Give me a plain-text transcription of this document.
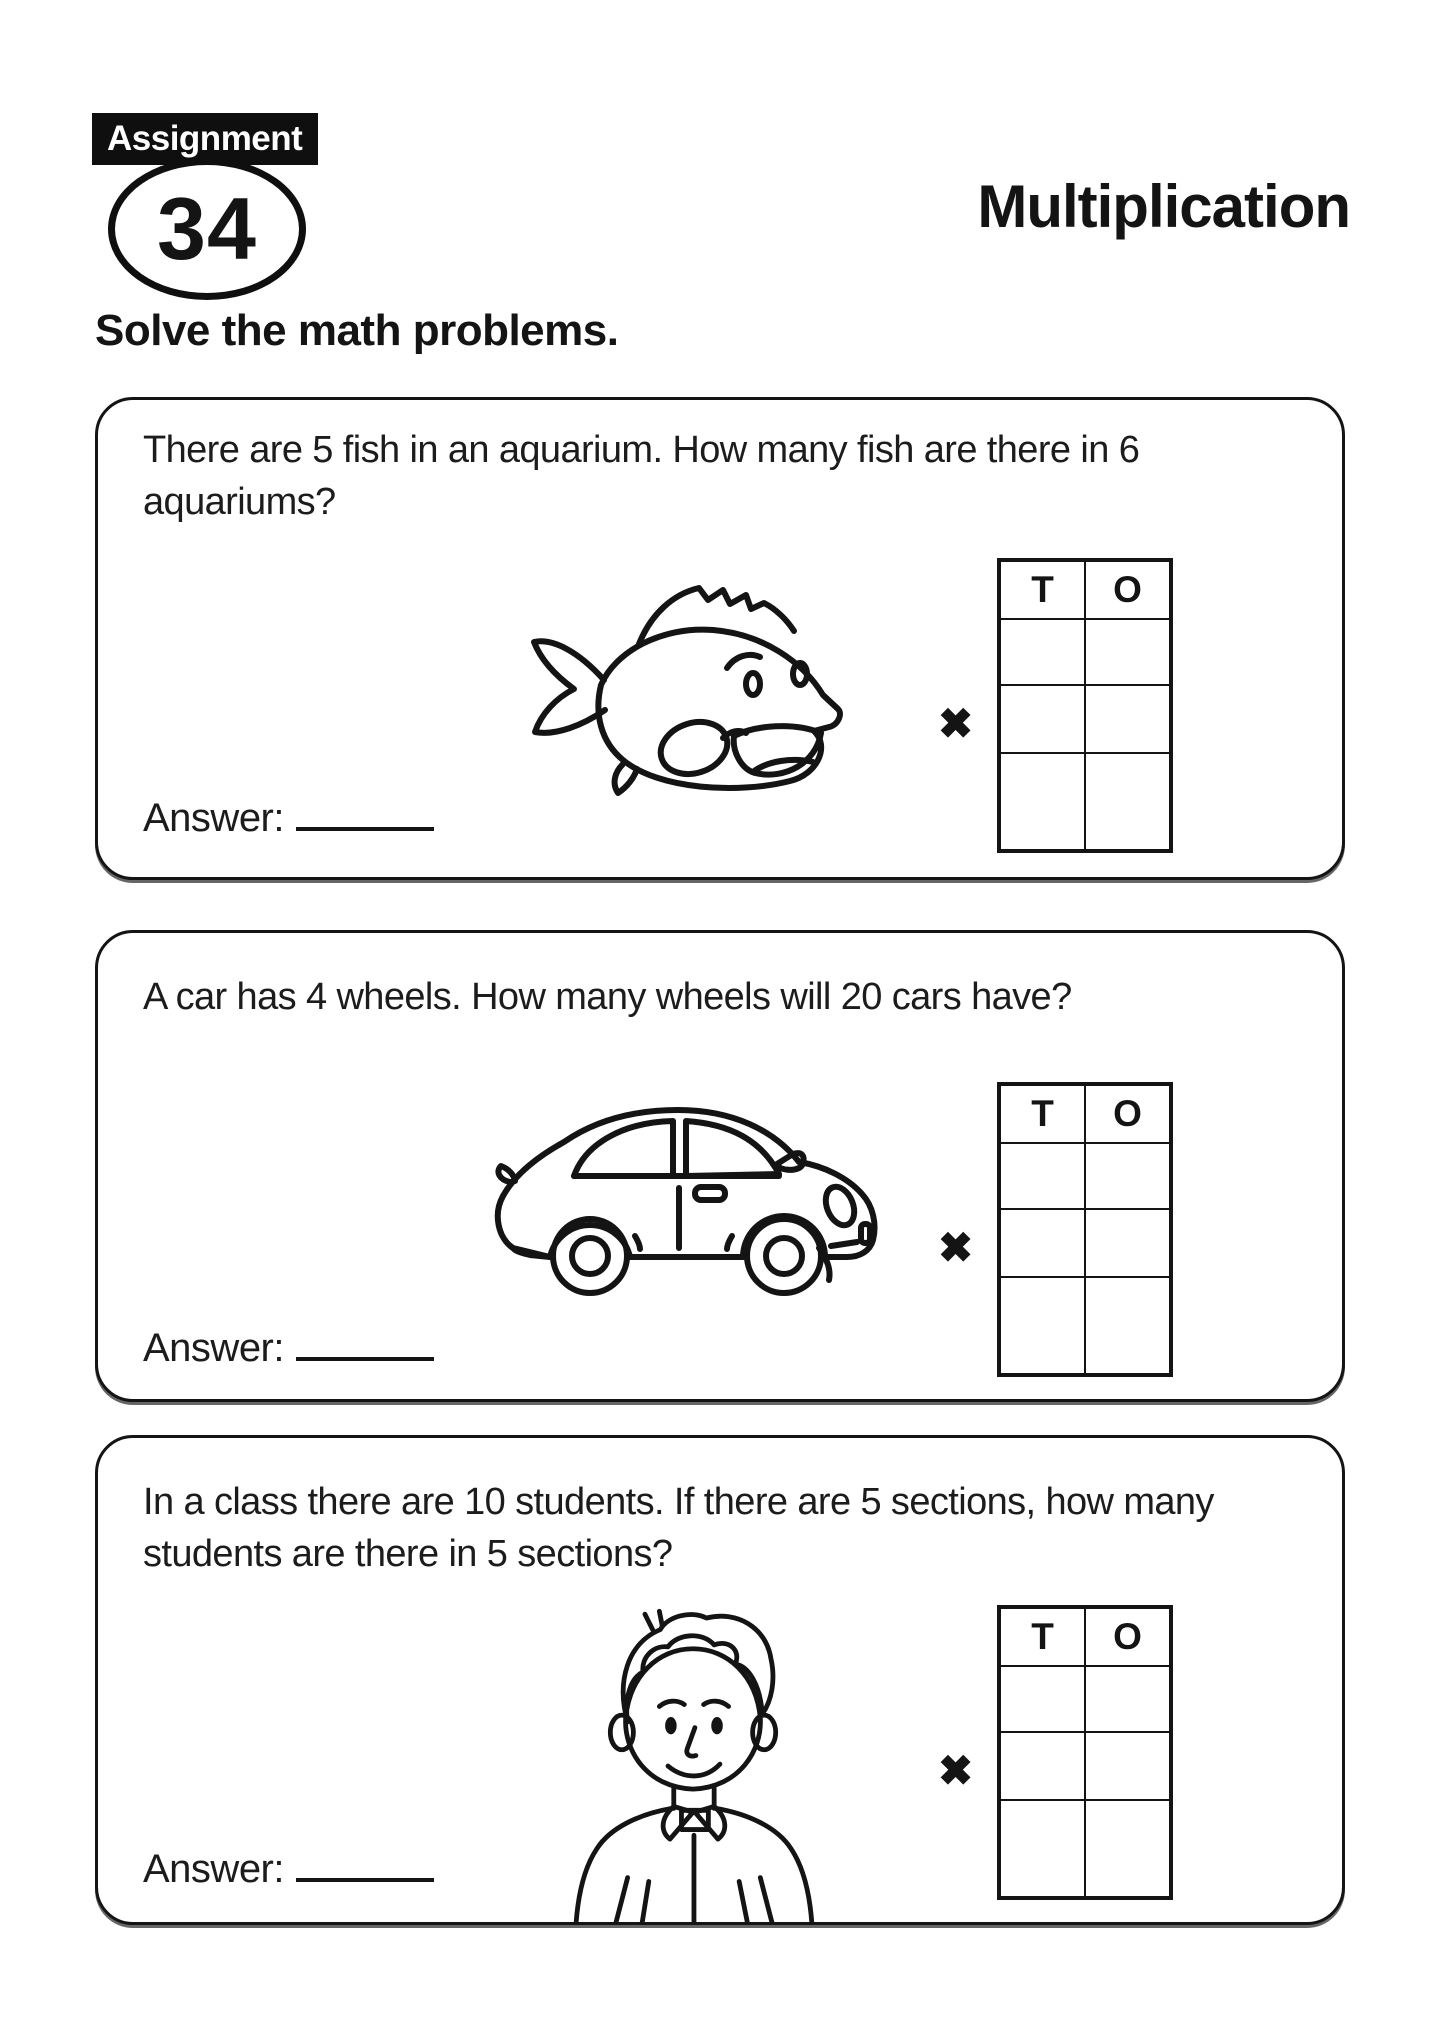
Assignment
34	Multiplication
Solve the math problems.
There are 5 fish in an aquarium. How many fish are there in 6 aquariums?
Answer:
✖
T	O
A car has 4 wheels. How many wheels will 20 cars have?
Answer:
✖
T	O
In a class there are 10 students. If there are 5 sections, how many students are there in 5 sections?
Answer:
✖
T	O
